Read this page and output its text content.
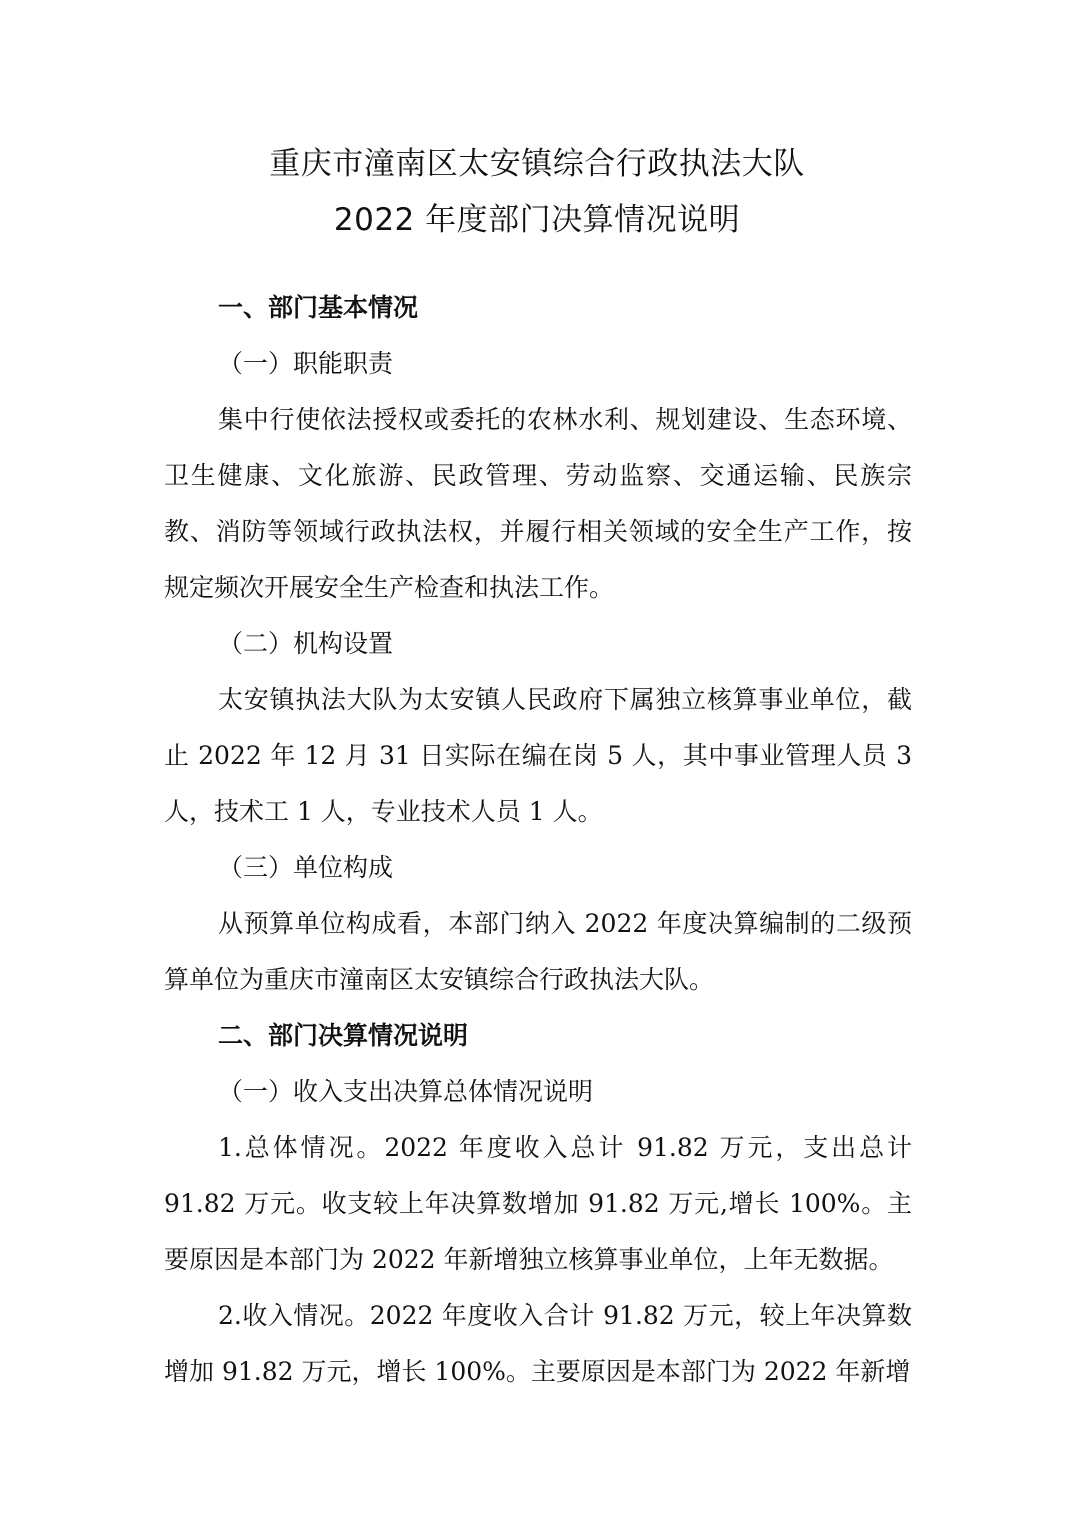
重庆市潼南区太安镇综合行政执法大队
2022 年度部门决算情况说明

一、部门基本情况

（一）职能职责

集中行使依法授权或委托的农林水利、规划建设、生态环境、卫生健康、文化旅游、民政管理、劳动监察、交通运输、民族宗教、消防等领域行政执法权，并履行相关领域的安全生产工作，按规定频次开展安全生产检查和执法工作。

（二）机构设置

太安镇执法大队为太安镇人民政府下属独立核算事业单位，截止 2022 年 12 月 31 日实际在编在岗 5 人，其中事业管理人员 3 人，技术工 1 人，专业技术人员 1 人。

（三）单位构成

从预算单位构成看，本部门纳入 2022 年度决算编制的二级预算单位为重庆市潼南区太安镇综合行政执法大队。

二、部门决算情况说明

（一）收入支出决算总体情况说明

1.总体情况。2022 年度收入总计 91.82 万元，支出总计 91.82 万元。收支较上年决算数增加 91.82 万元,增长 100%。主要原因是本部门为 2022 年新增独立核算事业单位，上年无数据。

2.收入情况。2022 年度收入合计 91.82 万元，较上年决算数增加 91.82 万元，增长 100%。主要原因是本部门为 2022 年新增
